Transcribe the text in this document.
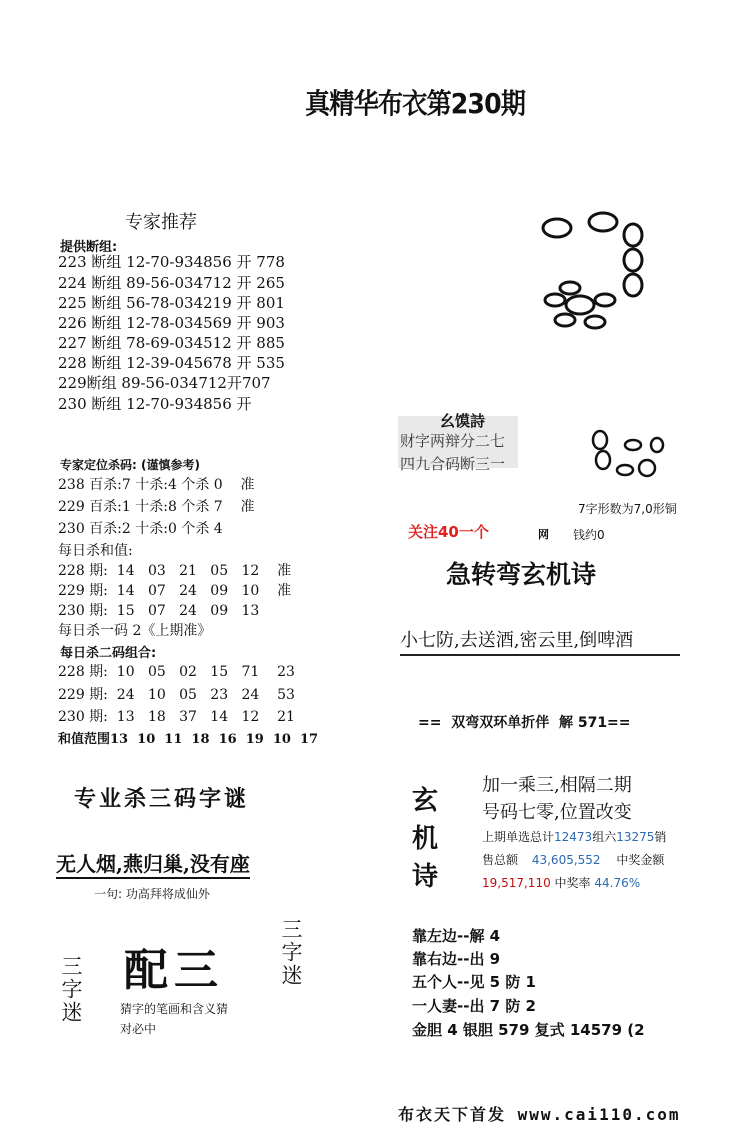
真精华布衣第230期
专家推荐
提供断组:
223 断组 12-70-934856 开 778
224 断组 89-56-034712 开 265
225 断组 56-78-034219 开 801
226 断组 12-78-034569 开 903
227 断组 78-69-034512 开 885
228 断组 12-39-045678 开 535
229断组 89-56-034712开707
230 断组 12-70-934856 开
专家定位杀码: (谨慎参考)
238 百杀:7 十杀:4 个杀 0    准
229 百杀:1 十杀:8 个杀 7    准
230 百杀:2 十杀:0 个杀 4
每日杀和值:
228 期:  14   03   21   05   12    准
229 期:  14   07   24   09   10    准
230 期:  15   07   24   09   13
每日杀一码 2《上期准》
每日杀二码组合:
228 期:  10   05   02   15   71    23
229 期:  24   10   05   23   24    53
230 期:  13   18   37   14   12    21
和值范围13  10  11  18  16  19  10  17
幺馍詩
财字两辩分二七
四九合码断三一
7字形数为7,0形铜
关注40一个	网 钱约0
急转弯玄机诗
小七防,去送酒,密云里,倒啤酒
==  双弯双环单折伴  解 571==
玄
机
诗
加一乘三,相隔二期
号码七零,位置改变
上期单选总计12473组六13275销
售总额 43,605,552 中奖金额
19,517,110 中奖率 44.76%
专业杀三码字谜
无人烟,燕归巢,没有座
一句: 功高拜将成仙外
配三	三字迷
三字迷	猜字的笔画和含义猜
对必中
靠左边--解 4
靠右边--出 9
五个人--见 5 防 1
一人妻--出 7 防 2
金胆 4 银胆 579 复式 14579 (2
布衣天下首发 www.cai110.com
